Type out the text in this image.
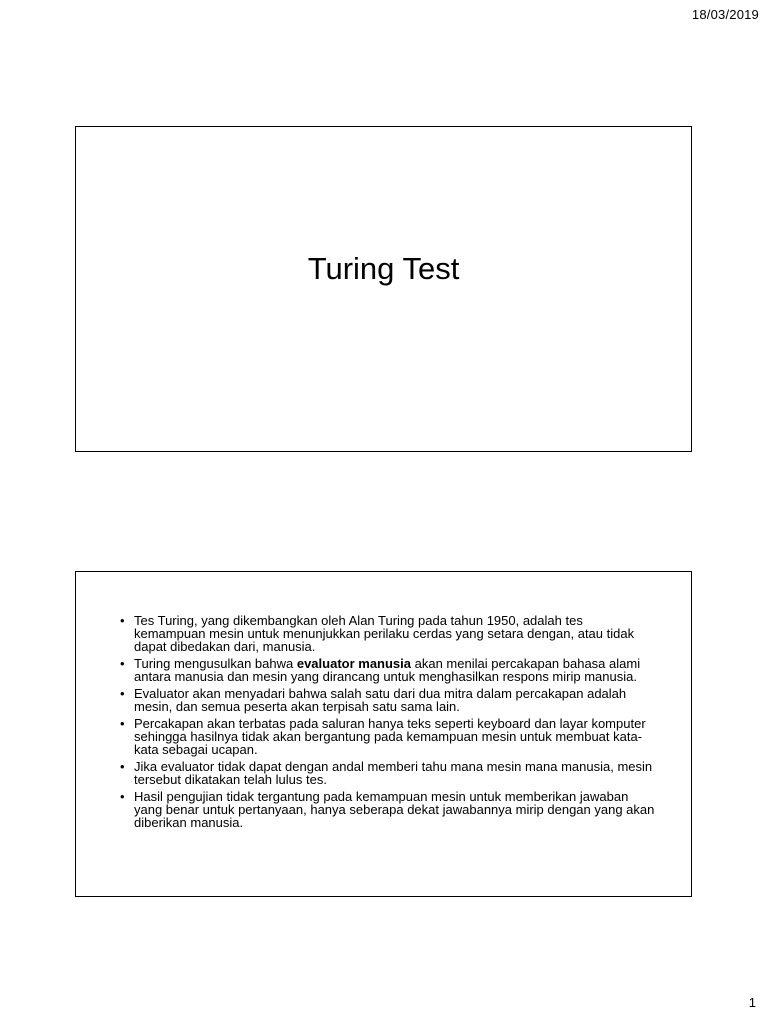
18/03/2019
Turing Test
• Tes Turing, yang dikembangkan oleh Alan Turing pada tahun 1950, adalah tes kemampuan mesin untuk menunjukkan perilaku cerdas yang setara dengan, atau tidak dapat dibedakan dari, manusia.
• Turing mengusulkan bahwa evaluator manusia akan menilai percakapan bahasa alami antara manusia dan mesin yang dirancang untuk menghasilkan respons mirip manusia.
• Evaluator akan menyadari bahwa salah satu dari dua mitra dalam percakapan adalah mesin, dan semua peserta akan terpisah satu sama lain.
• Percakapan akan terbatas pada saluran hanya teks seperti keyboard dan layar komputer sehingga hasilnya tidak akan bergantung pada kemampuan mesin untuk membuat kata-kata sebagai ucapan.
• Jika evaluator tidak dapat dengan andal memberi tahu mana mesin mana manusia, mesin tersebut dikatakan telah lulus tes.
• Hasil pengujian tidak tergantung pada kemampuan mesin untuk memberikan jawaban yang benar untuk pertanyaan, hanya seberapa dekat jawabannya mirip dengan yang akan diberikan manusia.
1
